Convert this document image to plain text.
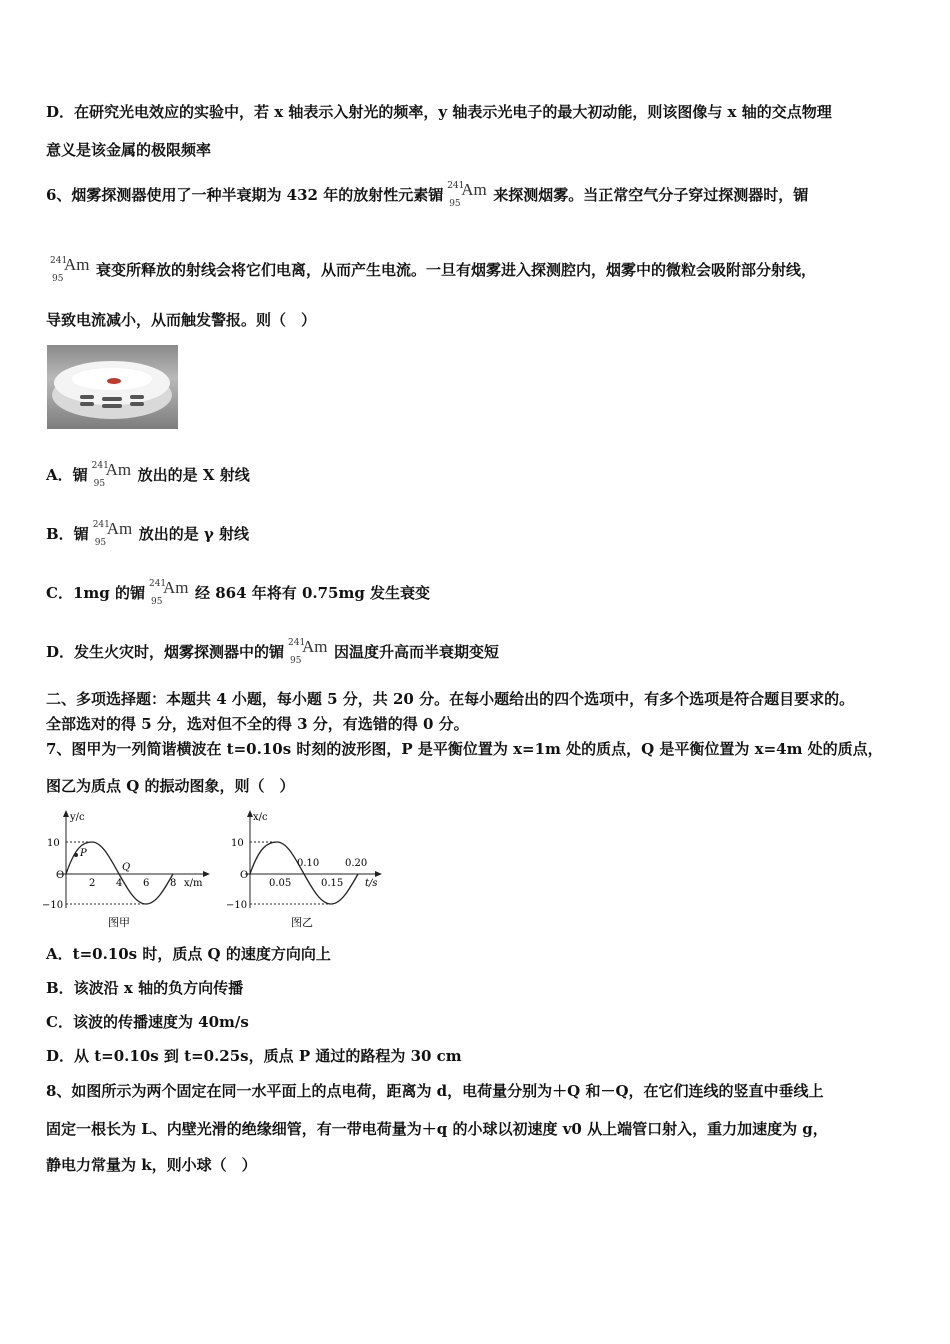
D．在研究光电效应的实验中，若 x 轴表示入射光的频率，y 轴表示光电子的最大初动能，则该图像与 x 轴的交点物理
意义是该金属的极限频率
6、烟雾探测器使用了一种半衰期为 432 年的放射性元素镅 241
95
Am 来探测烟雾。当正常空气分子穿过探测器时，镅
241
95
Am 衰变所释放的射线会将它们电离，从而产生电流。一旦有烟雾进入探测腔内，烟雾中的微粒会吸附部分射线，
导致电流减小，从而触发警报。则（　）
A．镅 241
95
Am 放出的是 X 射线
B．镅 241
95
Am 放出的是 γ 射线
C．1mg 的镅 241
95
Am 经 864 年将有 0.75mg 发生衰变
D．发生火灾时，烟雾探测器中的镅 241
95
Am 因温度升高而半衰期变短
二、多项选择题：本题共 4 小题，每小题 5 分，共 20 分。在每小题给出的四个选项中，有多个选项是符合题目要求的。
全部选对的得 5 分，选对但不全的得 3 分，有选错的得 0 分。
7、图甲为一列简谐横波在 t=0.10s 时刻的波形图，P 是平衡位置为 x=1m 处的质点，Q 是平衡位置为 x=4m 处的质点，
图乙为质点 Q 的振动图象，则（　）
y/c
10
−10
O
P
Q
2 4 6 8 x/m
图甲
x/c
10
−10
O
0.05
0.10
0.15
0.20
t/s
图乙
A．t=0.10s 时，质点 Q 的速度方向向上
B．该波沿 x 轴的负方向传播
C．该波的传播速度为 40m/s
D．从 t=0.10s 到 t=0.25s，质点 P 通过的路程为 30 cm
8、如图所示为两个固定在同一水平面上的点电荷，距离为 d，电荷量分别为＋Q 和－Q，在它们连线的竖直中垂线上
固定一根长为 L、内壁光滑的绝缘细管，有一带电荷量为＋q 的小球以初速度 v0 从上端管口射入，重力加速度为 g，
静电力常量为 k，则小球（　）
